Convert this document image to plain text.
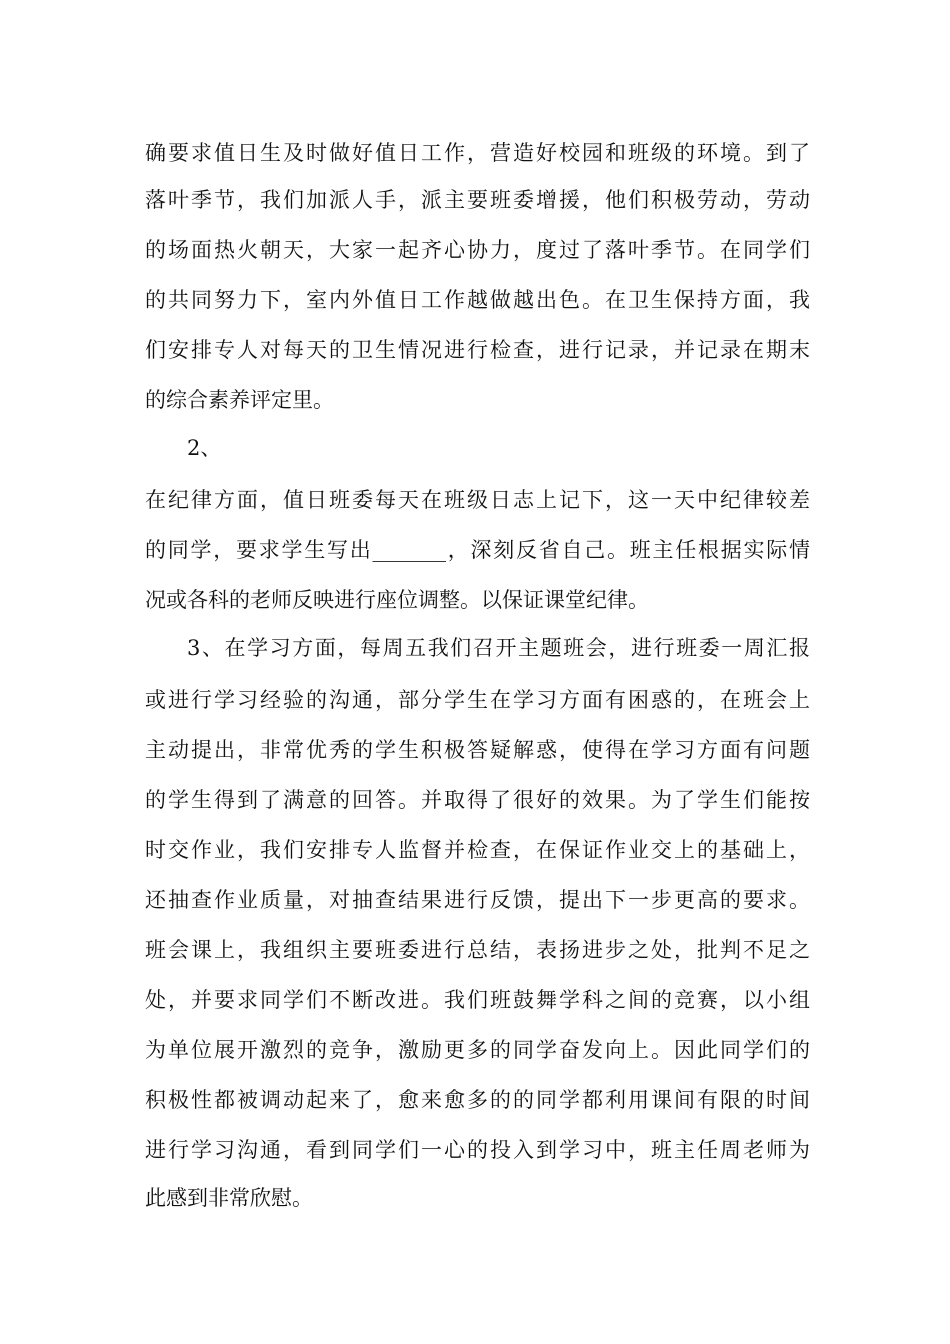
确要求值日生及时做好值日工作，营造好校园和班级的环境。到了
落叶季节，我们加派人手，派主要班委增援，他们积极劳动，劳动
的场面热火朝天，大家一起齐心协力，度过了落叶季节。在同学们
的共同努力下，室内外值日工作越做越出色。在卫生保持方面，我
们安排专人对每天的卫生情况进行检查，进行记录，并记录在期末
的综合素养评定里。
2、
在纪律方面，值日班委每天在班级日志上记下，这一天中纪律较差
的同学，要求学生写出_______，深刻反省自己。班主任根据实际情
况或各科的老师反映进行座位调整。以保证课堂纪律。
3、在学习方面，每周五我们召开主题班会，进行班委一周汇报
或进行学习经验的沟通，部分学生在学习方面有困惑的，在班会上
主动提出，非常优秀的学生积极答疑解惑，使得在学习方面有问题
的学生得到了满意的回答。并取得了很好的效果。为了学生们能按
时交作业，我们安排专人监督并检查，在保证作业交上的基础上，
还抽查作业质量，对抽查结果进行反馈，提出下一步更高的要求。
班会课上，我组织主要班委进行总结，表扬进步之处，批判不足之
处，并要求同学们不断改进。我们班鼓舞学科之间的竞赛，以小组
为单位展开激烈的竞争，激励更多的同学奋发向上。因此同学们的
积极性都被调动起来了，愈来愈多的的同学都利用课间有限的时间
进行学习沟通，看到同学们一心的投入到学习中，班主任周老师为
此感到非常欣慰。
